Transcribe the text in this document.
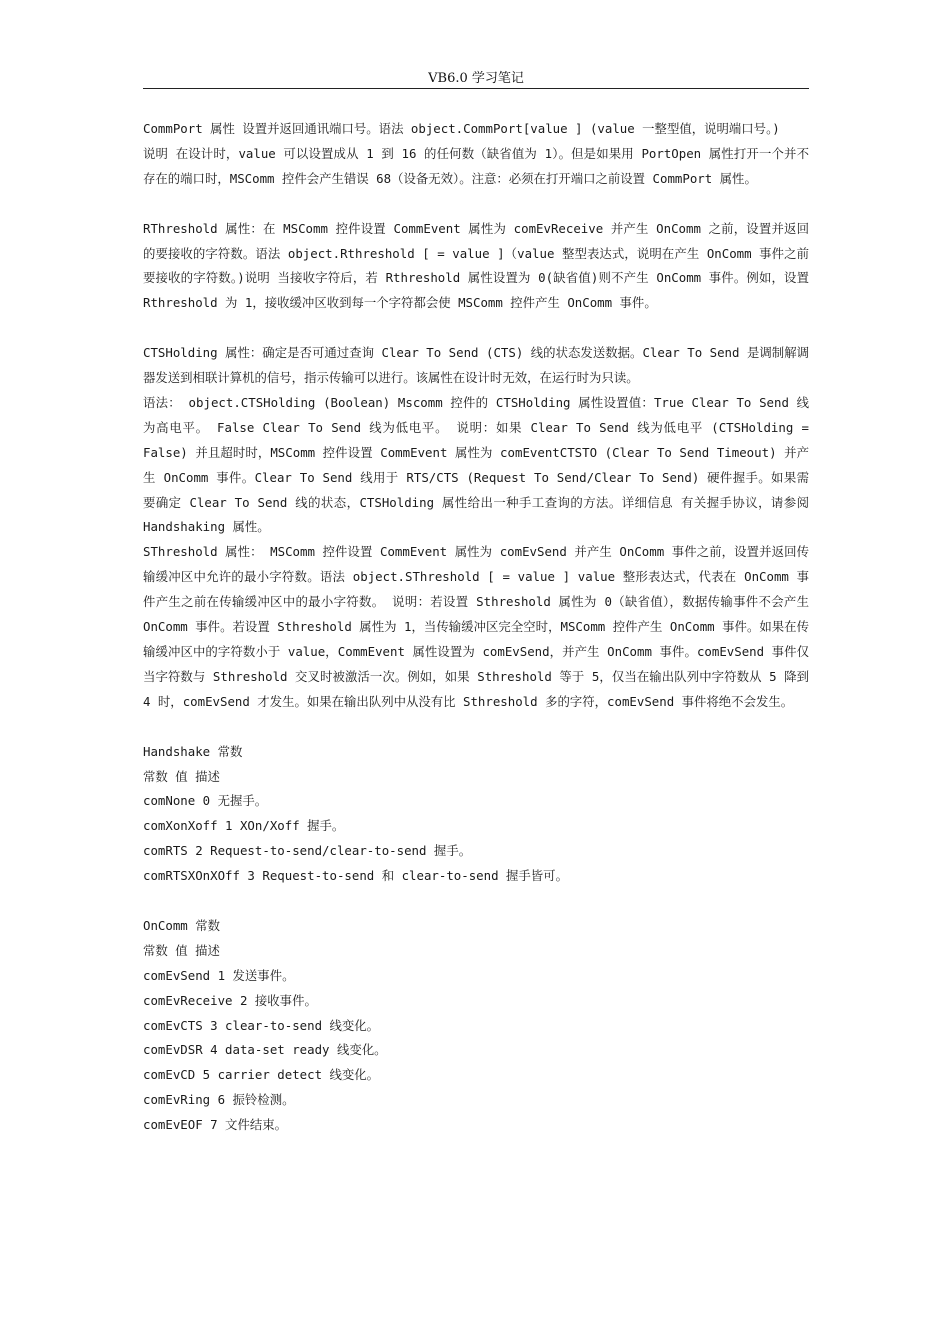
VB6.0 学习笔记

CommPort 属性 设置并返回通讯端口号。语法 object.CommPort[value ] (value 一整型值，说明端口号。)

说明 在设计时，value 可以设置成从 1 到 16 的任何数（缺省值为 1）。但是如果用 PortOpen 属性打开一个并不存在的端口时，MSComm 控件会产生错误 68（设备无效）。注意：必须在打开端口之前设置 CommPort 属性。

RThreshold 属性：在 MSComm 控件设置 CommEvent 属性为 comEvReceive 并产生 OnComm 之前，设置并返回的要接收的字符数。语法 object.Rthreshold [ = value ]（value 整型表达式，说明在产生 OnComm 事件之前要接收的字符数。)说明 当接收字符后，若 Rthreshold 属性设置为 0(缺省值)则不产生 OnComm 事件。例如，设置 Rthreshold 为 1，接收缓冲区收到每一个字符都会使 MSComm 控件产生 OnComm 事件。

CTSHolding 属性：确定是否可通过查询 Clear To Send (CTS) 线的状态发送数据。Clear To Send 是调制解调器发送到相联计算机的信号，指示传输可以进行。该属性在设计时无效，在运行时为只读。

语法： object.CTSHolding (Boolean) Mscomm 控件的 CTSHolding 属性设置值：True Clear To Send 线为高电平。 False Clear To Send 线为低电平。 说明：如果 Clear To Send 线为低电平 (CTSHolding = False) 并且超时时，MSComm 控件设置 CommEvent 属性为 comEventCTSTO (Clear To Send Timeout) 并产生 OnComm 事件。Clear To Send 线用于 RTS/CTS (Request To Send/Clear To Send) 硬件握手。如果需要确定 Clear To Send 线的状态，CTSHolding 属性给出一种手工查询的方法。详细信息 有关握手协议，请参阅 Handshaking 属性。

SThreshold 属性： MSComm 控件设置 CommEvent 属性为 comEvSend 并产生 OnComm 事件之前，设置并返回传输缓冲区中允许的最小字符数。语法 object.SThreshold [ = value ] value 整形表达式，代表在 OnComm 事件产生之前在传输缓冲区中的最小字符数。 说明：若设置 Sthreshold 属性为 0（缺省值），数据传输事件不会产生 OnComm 事件。若设置 Sthreshold 属性为 1，当传输缓冲区完全空时，MSComm 控件产生 OnComm 事件。如果在传输缓冲区中的字符数小于 value，CommEvent 属性设置为 comEvSend，并产生 OnComm 事件。comEvSend 事件仅当字符数与 Sthreshold 交叉时被激活一次。例如，如果 Sthreshold 等于 5，仅当在输出队列中字符数从 5 降到 4 时，comEvSend 才发生。如果在输出队列中从没有比 Sthreshold 多的字符，comEvSend 事件将绝不会发生。

Handshake 常数

常数 值 描述

comNone 0 无握手。

comXonXoff 1 XOn/Xoff 握手。

comRTS 2 Request-to-send/clear-to-send 握手。

comRTSXOnXOff 3 Request-to-send 和 clear-to-send 握手皆可。

OnComm 常数

常数 值 描述

comEvSend 1 发送事件。

comEvReceive 2 接收事件。

comEvCTS 3 clear-to-send 线变化。

comEvDSR 4 data-set ready 线变化。

comEvCD 5 carrier detect 线变化。

comEvRing 6 振铃检测。

comEvEOF 7 文件结束。
